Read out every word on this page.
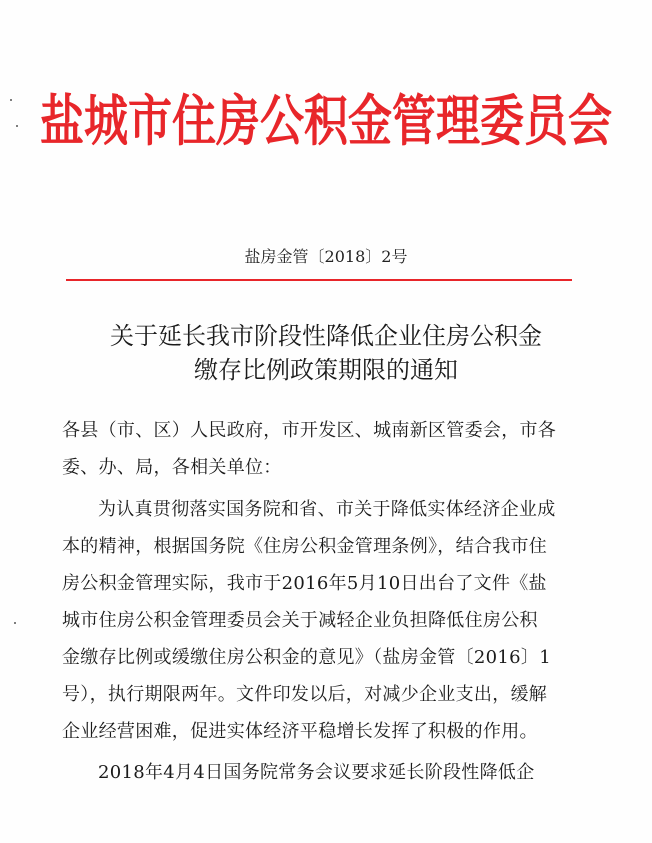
盐城市住房公积金管理委员会
盐房金管〔2018〕2号
关于延长我市阶段性降低企业住房公积金
缴存比例政策期限的通知
各县（市、区）人民政府，市开发区、城南新区管委会，市各
委、办、局，各相关单位：
为认真贯彻落实国务院和省、市关于降低实体经济企业成
本的精神，根据国务院《住房公积金管理条例》，结合我市住
房公积金管理实际，我市于2016年5月10日出台了文件《盐
城市住房公积金管理委员会关于减轻企业负担降低住房公积
金缴存比例或缓缴住房公积金的意见》（盐房金管〔2016〕1
号），执行期限两年。文件印发以后，对减少企业支出，缓解
企业经营困难，促进实体经济平稳增长发挥了积极的作用。
2018年4月4日国务院常务会议要求延长阶段性降低企
